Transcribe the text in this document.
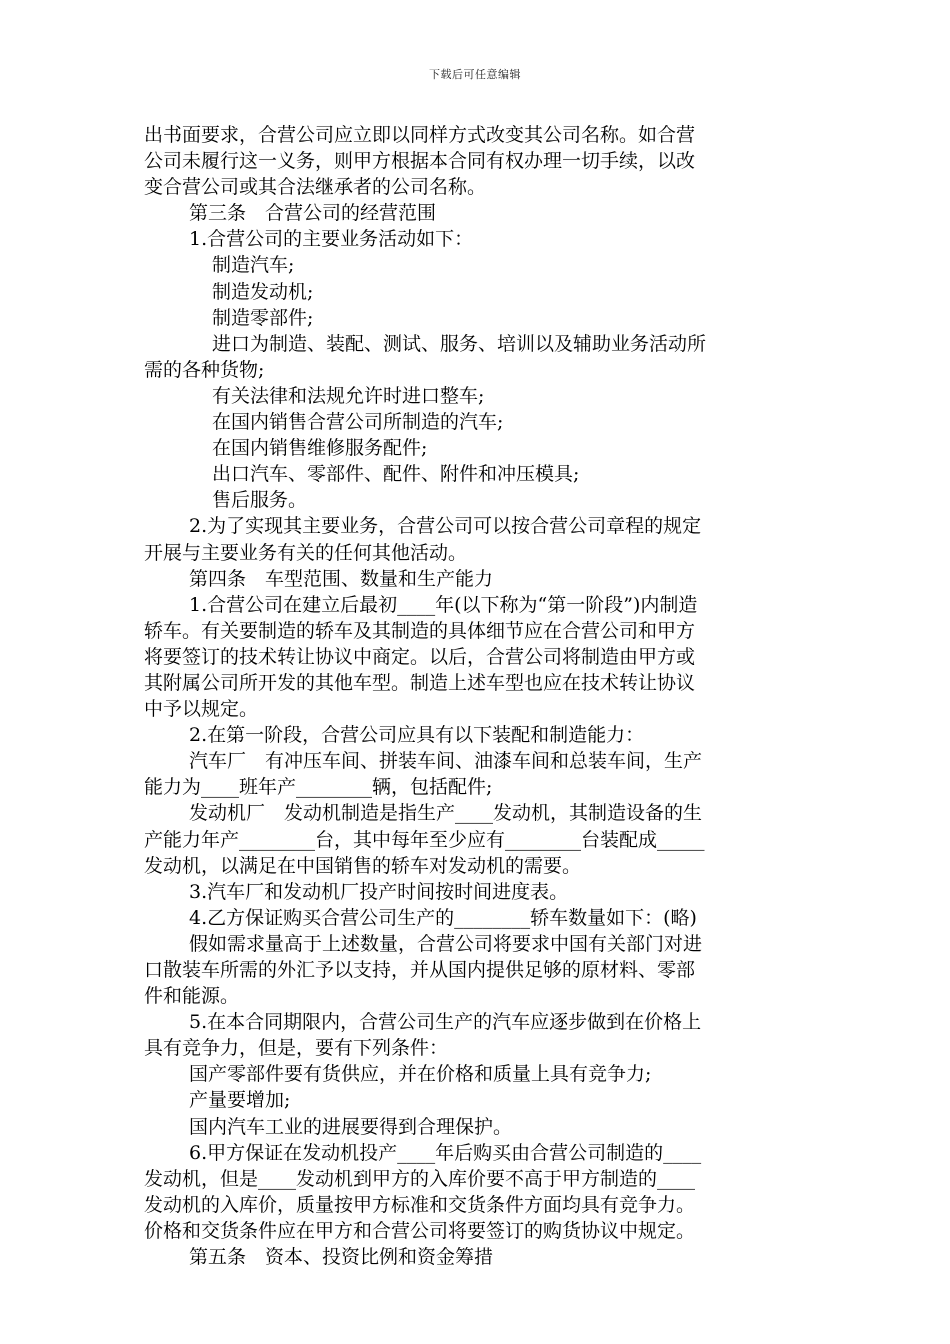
下载后可任意编辑
出书面要求，合营公司应立即以同样方式改变其公司名称。如合营
公司未履行这一义务，则甲方根据本合同有权办理一切手续，以改
变合营公司或其合法继承者的公司名称。
第三条　合营公司的经营范围
1.合营公司的主要业务活动如下：
制造汽车;
制造发动机;
制造零部件;
进口为制造、装配、测试、服务、培训以及辅助业务活动所
需的各种货物;
有关法律和法规允许时进口整车;
在国内销售合营公司所制造的汽车;
在国内销售维修服务配件;
出口汽车、零部件、配件、附件和冲压模具;
售后服务。
2.为了实现其主要业务，合营公司可以按合营公司章程的规定
开展与主要业务有关的任何其他活动。
第四条　车型范围、数量和生产能力
1.合营公司在建立后最初____年(以下称为“第一阶段”)内制造
轿车。有关要制造的轿车及其制造的具体细节应在合营公司和甲方
将要签订的技术转让协议中商定。以后，合营公司将制造由甲方或
其附属公司所开发的其他车型。制造上述车型也应在技术转让协议
中予以规定。
2.在第一阶段，合营公司应具有以下装配和制造能力：
汽车厂　有冲压车间、拼装车间、油漆车间和总装车间，生产
能力为____班年产________辆，包括配件;
发动机厂　发动机制造是指生产____发动机，其制造设备的生
产能力年产________台，其中每年至少应有________台装配成_____
发动机，以满足在中国销售的轿车对发动机的需要。
3.汽车厂和发动机厂投产时间按时间进度表。
4.乙方保证购买合营公司生产的________轿车数量如下：(略)
假如需求量高于上述数量，合营公司将要求中国有关部门对进
口散装车所需的外汇予以支持，并从国内提供足够的原材料、零部
件和能源。
5.在本合同期限内，合营公司生产的汽车应逐步做到在价格上
具有竞争力，但是，要有下列条件：
国产零部件要有货供应，并在价格和质量上具有竞争力;
产量要增加;
国内汽车工业的进展要得到合理保护。
6.甲方保证在发动机投产____年后购买由合营公司制造的____
发动机，但是____发动机到甲方的入库价要不高于甲方制造的____
发动机的入库价，质量按甲方标准和交货条件方面均具有竞争力。
价格和交货条件应在甲方和合营公司将要签订的购货协议中规定。
第五条　资本、投资比例和资金筹措
